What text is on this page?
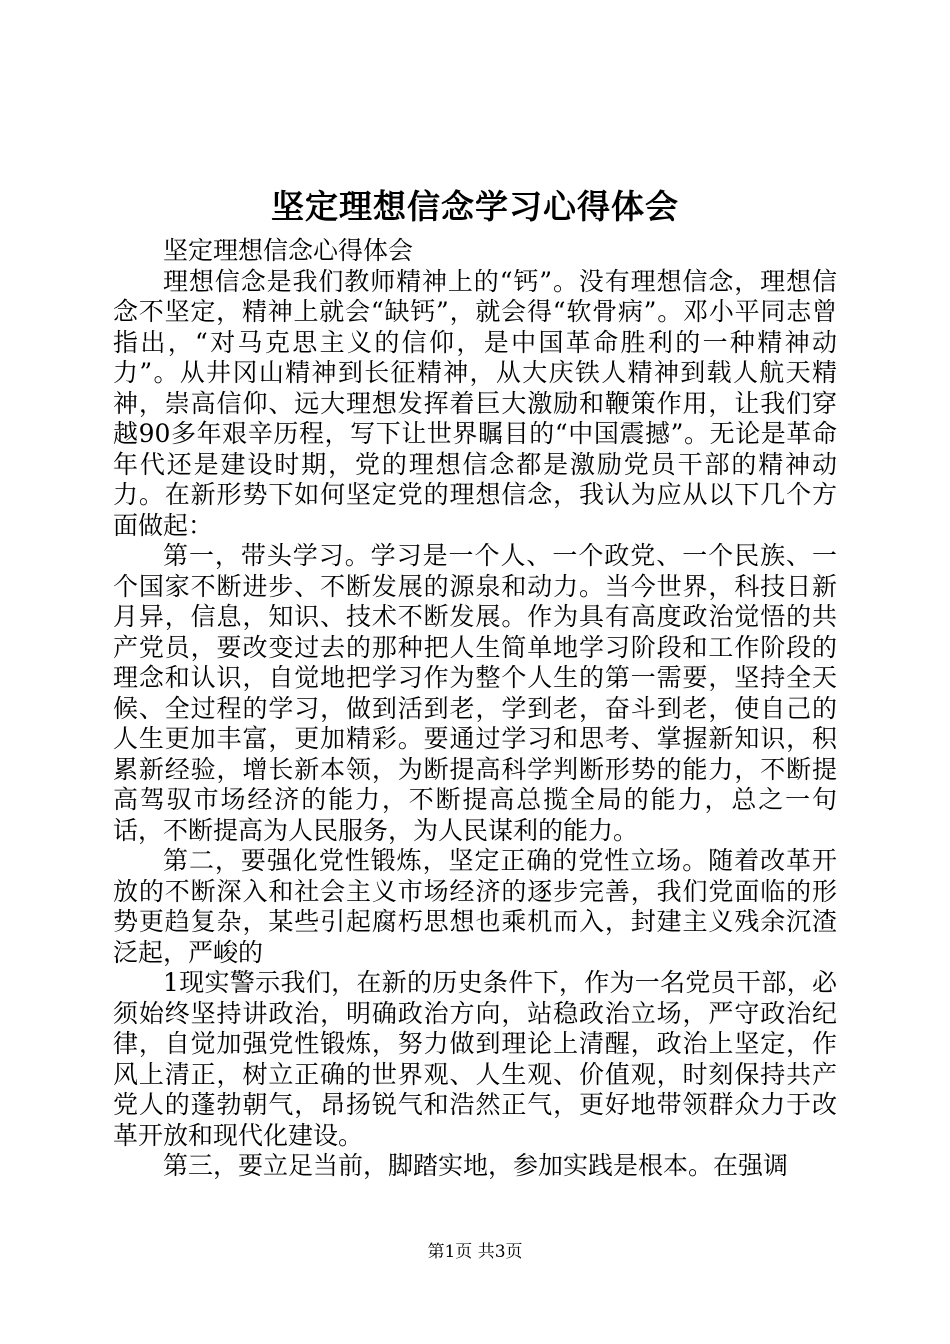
坚定理想信念学习心得体会

坚定理想信念心得体会

理想信念是我们教师精神上的“钙”。没有理想信念，理想信念不坚定，精神上就会“缺钙”，就会得“软骨病”。邓小平同志曾指出，“对马克思主义的信仰，是中国革命胜利的一种精神动力”。从井冈山精神到长征精神，从大庆铁人精神到载人航天精神，崇高信仰、远大理想发挥着巨大激励和鞭策作用，让我们穿越90多年艰辛历程，写下让世界瞩目的“中国震撼”。无论是革命年代还是建设时期，党的理想信念都是激励党员干部的精神动力。在新形势下如何坚定党的理想信念，我认为应从以下几个方面做起：

第一，带头学习。学习是一个人、一个政党、一个民族、一个国家不断进步、不断发展的源泉和动力。当今世界，科技日新月异，信息，知识、技术不断发展。作为具有高度政治觉悟的共产党员，要改变过去的那种把人生简单地学习阶段和工作阶段的理念和认识，自觉地把学习作为整个人生的第一需要，坚持全天候、全过程的学习，做到活到老，学到老，奋斗到老，使自己的人生更加丰富，更加精彩。要通过学习和思考、掌握新知识，积累新经验，增长新本领，为断提高科学判断形势的能力，不断提高驾驭市场经济的能力，不断提高总揽全局的能力，总之一句话，不断提高为人民服务，为人民谋利的能力。

第二，要强化党性锻炼，坚定正确的党性立场。随着改革开放的不断深入和社会主义市场经济的逐步完善，我们党面临的形势更趋复杂，某些引起腐朽思想也乘机而入，封建主义残余沉渣泛起，严峻的

1现实警示我们，在新的历史条件下，作为一名党员干部，必须始终坚持讲政治，明确政治方向，站稳政治立场，严守政治纪律，自觉加强党性锻炼，努力做到理论上清醒，政治上坚定，作风上清正，树立正确的世界观、人生观、价值观，时刻保持共产党人的蓬勃朝气，昂扬锐气和浩然正气，更好地带领群众力于改革开放和现代化建设。

第三，要立足当前，脚踏实地，参加实践是根本。在强调

第1页 共3页
